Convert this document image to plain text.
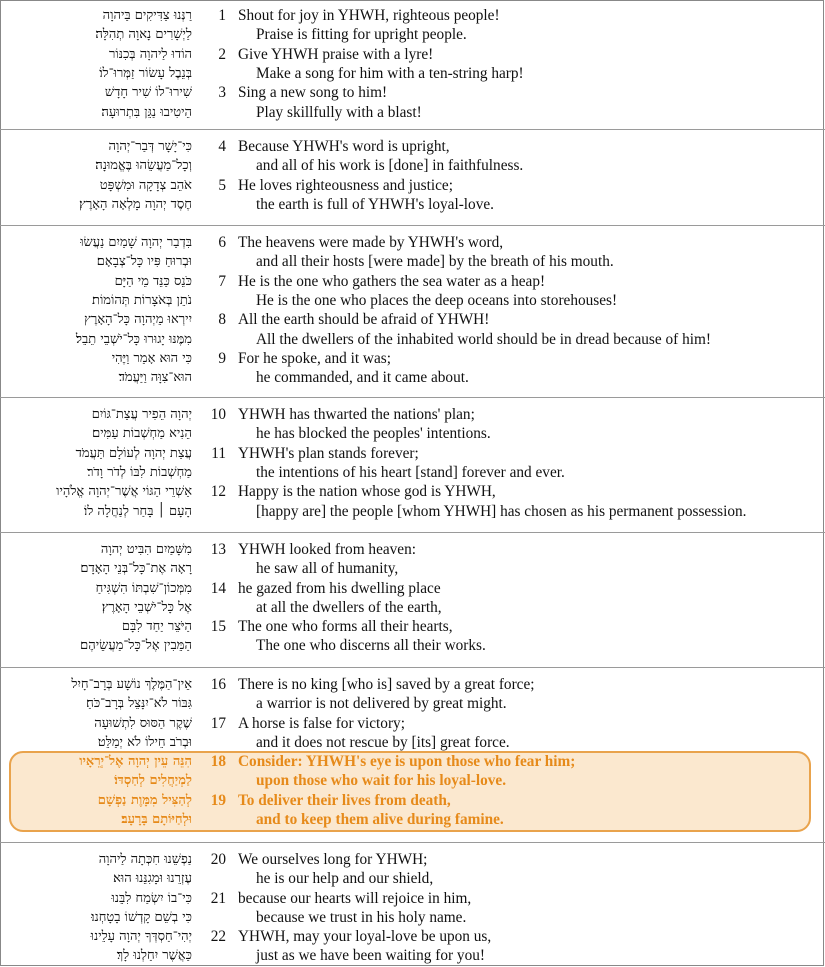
רַנְּנוּ צַדִּיקִים בַּיהוָה	1 Shout for joy in YHWH, righteous people!
לַיְשָׁרִים נָאוָה תְהִלָּה׃	Praise is fitting for upright people.
הוֹדוּ לַיהוָה בְּכִנּוֹר	2 Give YHWH praise with a lyre!
בְּנֵבֶל עָשׂוֹר זַמְּרוּ־לוֹ׃	Make a song for him with a ten-string harp!
שִׁירוּ־לוֹ שִׁיר חָדָשׁ	3 Sing a new song to him!
הֵיטִיבוּ נַגֵּן בִּתְרוּעָה׃	Play skillfully with a blast!
כִּי־יָשָׁר דְּבַר־יְהוָה	4 Because YHWH's word is upright,
וְכָל־מַעֲשֵׂהוּ בֶּאֱמוּנָה׃	and all of his work is [done] in faithfulness.
אֹהֵב צְדָקָה וּמִשְׁפָּט	5 He loves righteousness and justice;
חֶסֶד יְהוָה מָלְאָה הָאָרֶץ׃	the earth is full of YHWH's loyal-love.
בִּדְבַר יְהוָה שָׁמַיִם נַעֲשׂוּ	6 The heavens were made by YHWH's word,
וּבְרוּחַ פִּיו כָּל־צְבָאָם׃	and all their hosts [were made] by the breath of his mouth.
כֹּנֵס כַּנֵּד מֵי הַיָּם	7 He is the one who gathers the sea water as a heap!
נֹתֵן בְּאֹצָרוֹת תְּהוֹמוֹת׃	He is the one who places the deep oceans into storehouses!
יִירְאוּ מֵיְהוָה כָּל־הָאָרֶץ	8 All the earth should be afraid of YHWH!
מִמֶּנּוּ יָגוּרוּ כָּל־יֹשְׁבֵי תֵבֵל׃	All the dwellers of the inhabited world should be in dread because of him!
כִּי הוּא אָמַר וַיֶּהִי	9 For he spoke, and it was;
הוּא־צִוָּה וַיַּעֲמֹד׃	he commanded, and it came about.
יְהוָה הֵפִיר עֲצַת־גּוֹיִם	10 YHWH has thwarted the nations' plan;
הֵנִיא מַחְשְׁבוֹת עַמִּים׃	he has blocked the peoples' intentions.
עֲצַת יְהוָה לְעוֹלָם תַּעֲמֹד	11 YHWH's plan stands forever;
מַחְשְׁבוֹת לִבּוֹ לְדֹר וָדֹר׃	the intentions of his heart [stand] forever and ever.
אַשְׁרֵי הַגּוֹי אֲשֶׁר־יְהוָה אֱלֹהָיו	12 Happy is the nation whose god is YHWH,
הָעָם ׀ בָּחַר לְנַחֲלָה לוֹ׃	[happy are] the people [whom YHWH] has chosen as his permanent possession.
מִשָּׁמַיִם הִבִּיט יְהוָה	13 YHWH looked from heaven:
רָאָה אֶת־כָּל־בְּנֵי הָאָדָם׃	he saw all of humanity,
מִמְּכוֹן־שִׁבְתּוֹ הִשְׁגִּיחַ	14 he gazed from his dwelling place
אֶל כָּל־יֹשְׁבֵי הָאָרֶץ׃	at all the dwellers of the earth,
הַיֹּצֵר יַחַד לִבָּם	15 The one who forms all their hearts,
הַמֵּבִין אֶל־כָּל־מַעֲשֵׂיהֶם׃	The one who discerns all their works.
אֵין־הַמֶּלֶךְ נוֹשָׁע בְּרָב־חָיִל	16 There is no king [who is] saved by a great force;
גִּבּוֹר לֹא־יִנָּצֵל בְּרָב־כֹּחַ׃	a warrior is not delivered by great might.
שֶׁקֶר הַסּוּס לִתְשׁוּעָה	17 A horse is false for victory;
וּבְרֹב חֵילוֹ לֹא יְמַלֵּט׃	and it does not rescue by [its] great force.
הִנֵּה עֵין יְהוָה אֶל־יְרֵאָיו	18 Consider: YHWH's eye is upon those who fear him;
לַמְיַחֲלִים לְחַסְדּוֹ׃	upon those who wait for his loyal-love.
לְהַצִּיל מִמָּוֶת נַפְשָׁם	19 To deliver their lives from death,
וּלְחַיּוֹתָם בָּרָעָב׃	and to keep them alive during famine.
נַפְשֵׁנוּ חִכְּתָה לַיהוָה	20 We ourselves long for YHWH;
עֶזְרֵנוּ וּמָגִנֵּנוּ הוּא׃	he is our help and our shield,
כִּי־בוֹ יִשְׂמַח לִבֵּנוּ	21 because our hearts will rejoice in him,
כִּי בְשֵׁם קָדְשׁוֹ בָטָחְנוּ׃	because we trust in his holy name.
יְהִי־חַסְדְּךָ יְהוָה עָלֵינוּ	22 YHWH, may your loyal-love be upon us,
כַּאֲשֶׁר יִחַלְנוּ לָךְ׃	just as we have been waiting for you!
